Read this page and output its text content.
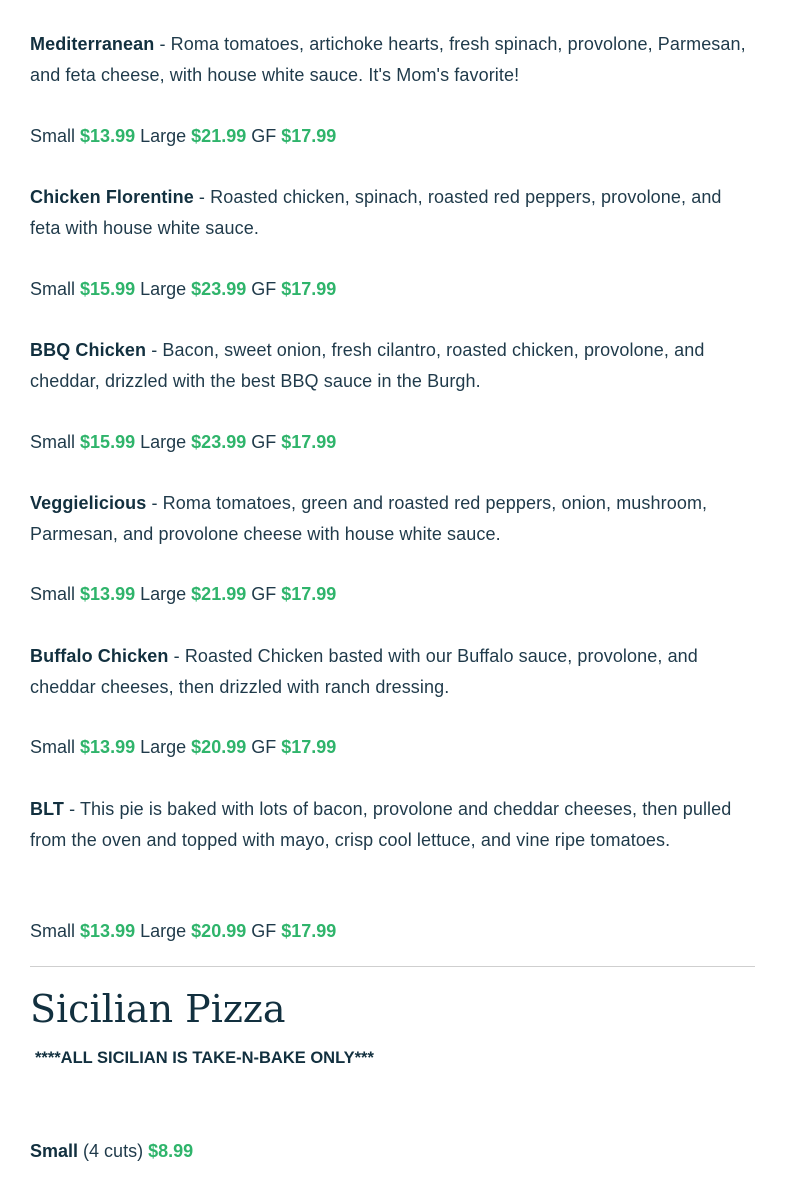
Mediterranean - Roma tomatoes, artichoke hearts, fresh spinach, provolone, Parmesan, and feta cheese, with house white sauce. It's Mom's favorite!
Small $13.99 Large $21.99 GF $17.99
Chicken Florentine - Roasted chicken, spinach, roasted red peppers, provolone, and feta with house white sauce.
Small $15.99 Large $23.99 GF $17.99
BBQ Chicken - Bacon, sweet onion, fresh cilantro, roasted chicken, provolone, and cheddar, drizzled with the best BBQ sauce in the Burgh.
Small $15.99 Large $23.99 GF $17.99
Veggielicious - Roma tomatoes, green and roasted red peppers, onion, mushroom, Parmesan, and provolone cheese with house white sauce.
Small $13.99 Large $21.99 GF $17.99
Buffalo Chicken - Roasted Chicken basted with our Buffalo sauce, provolone, and cheddar cheeses, then drizzled with ranch dressing.
Small $13.99 Large $20.99 GF $17.99
BLT - This pie is baked with lots of bacon, provolone and cheddar cheeses, then pulled from the oven and topped with mayo, crisp cool lettuce, and vine ripe tomatoes.
Small $13.99 Large $20.99 GF $17.99
Sicilian Pizza
****ALL SICILIAN IS TAKE-N-BAKE ONLY***
Small (4 cuts) $8.99
